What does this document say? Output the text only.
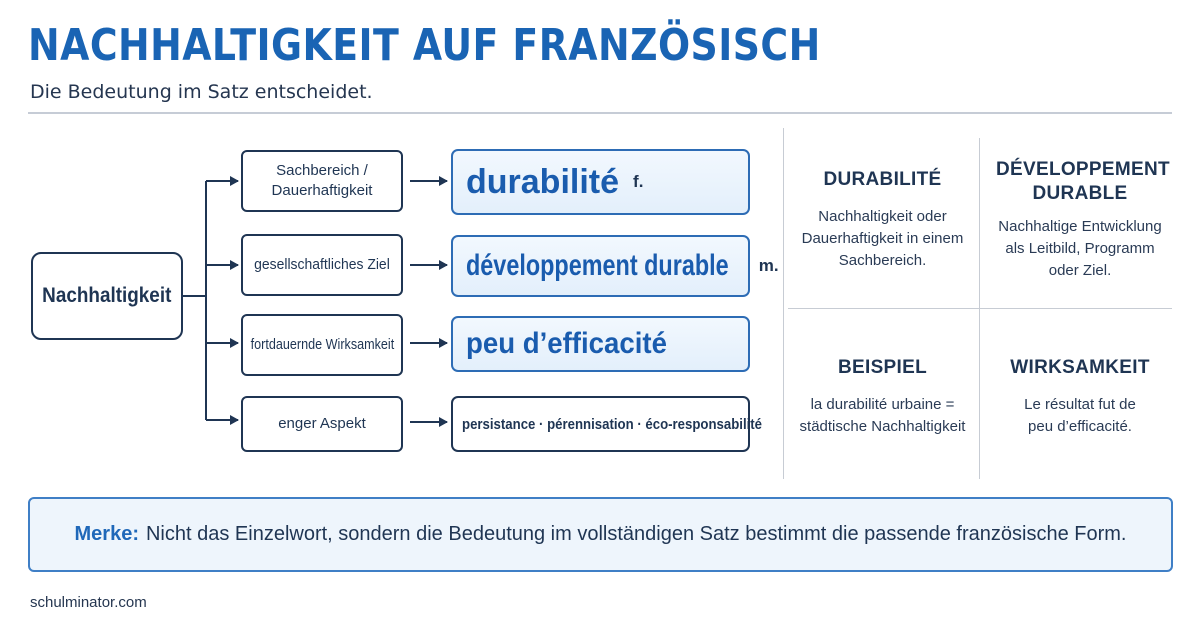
NACHHALTIGKEIT AUF FRANZÖSISCH
Die Bedeutung im Satz entscheidet.
Nachhaltigkeit
Sachbereich / Dauerhaftigkeit
gesellschaftliches Ziel
fortdauernde Wirksamkeit
enger Aspekt
durabilité f.
développement durable m.
peu d’efficacité
persistance · pérennisation · éco-responsabilité
DURABILITÉ
Nachhaltigkeit oder Dauerhaftigkeit in einem Sachbereich.
DÉVELOPPEMENT DURABLE
Nachhaltige Entwicklung als Leitbild, Programm oder Ziel.
BEISPIEL
la durabilité urbaine = städtische Nachhaltigkeit
WIRKSAMKEIT
Le résultat fut de peu d’efficacité.
Merke: Nicht das Einzelwort, sondern die Bedeutung im vollständigen Satz bestimmt die passende französische Form.
schulminator.com
